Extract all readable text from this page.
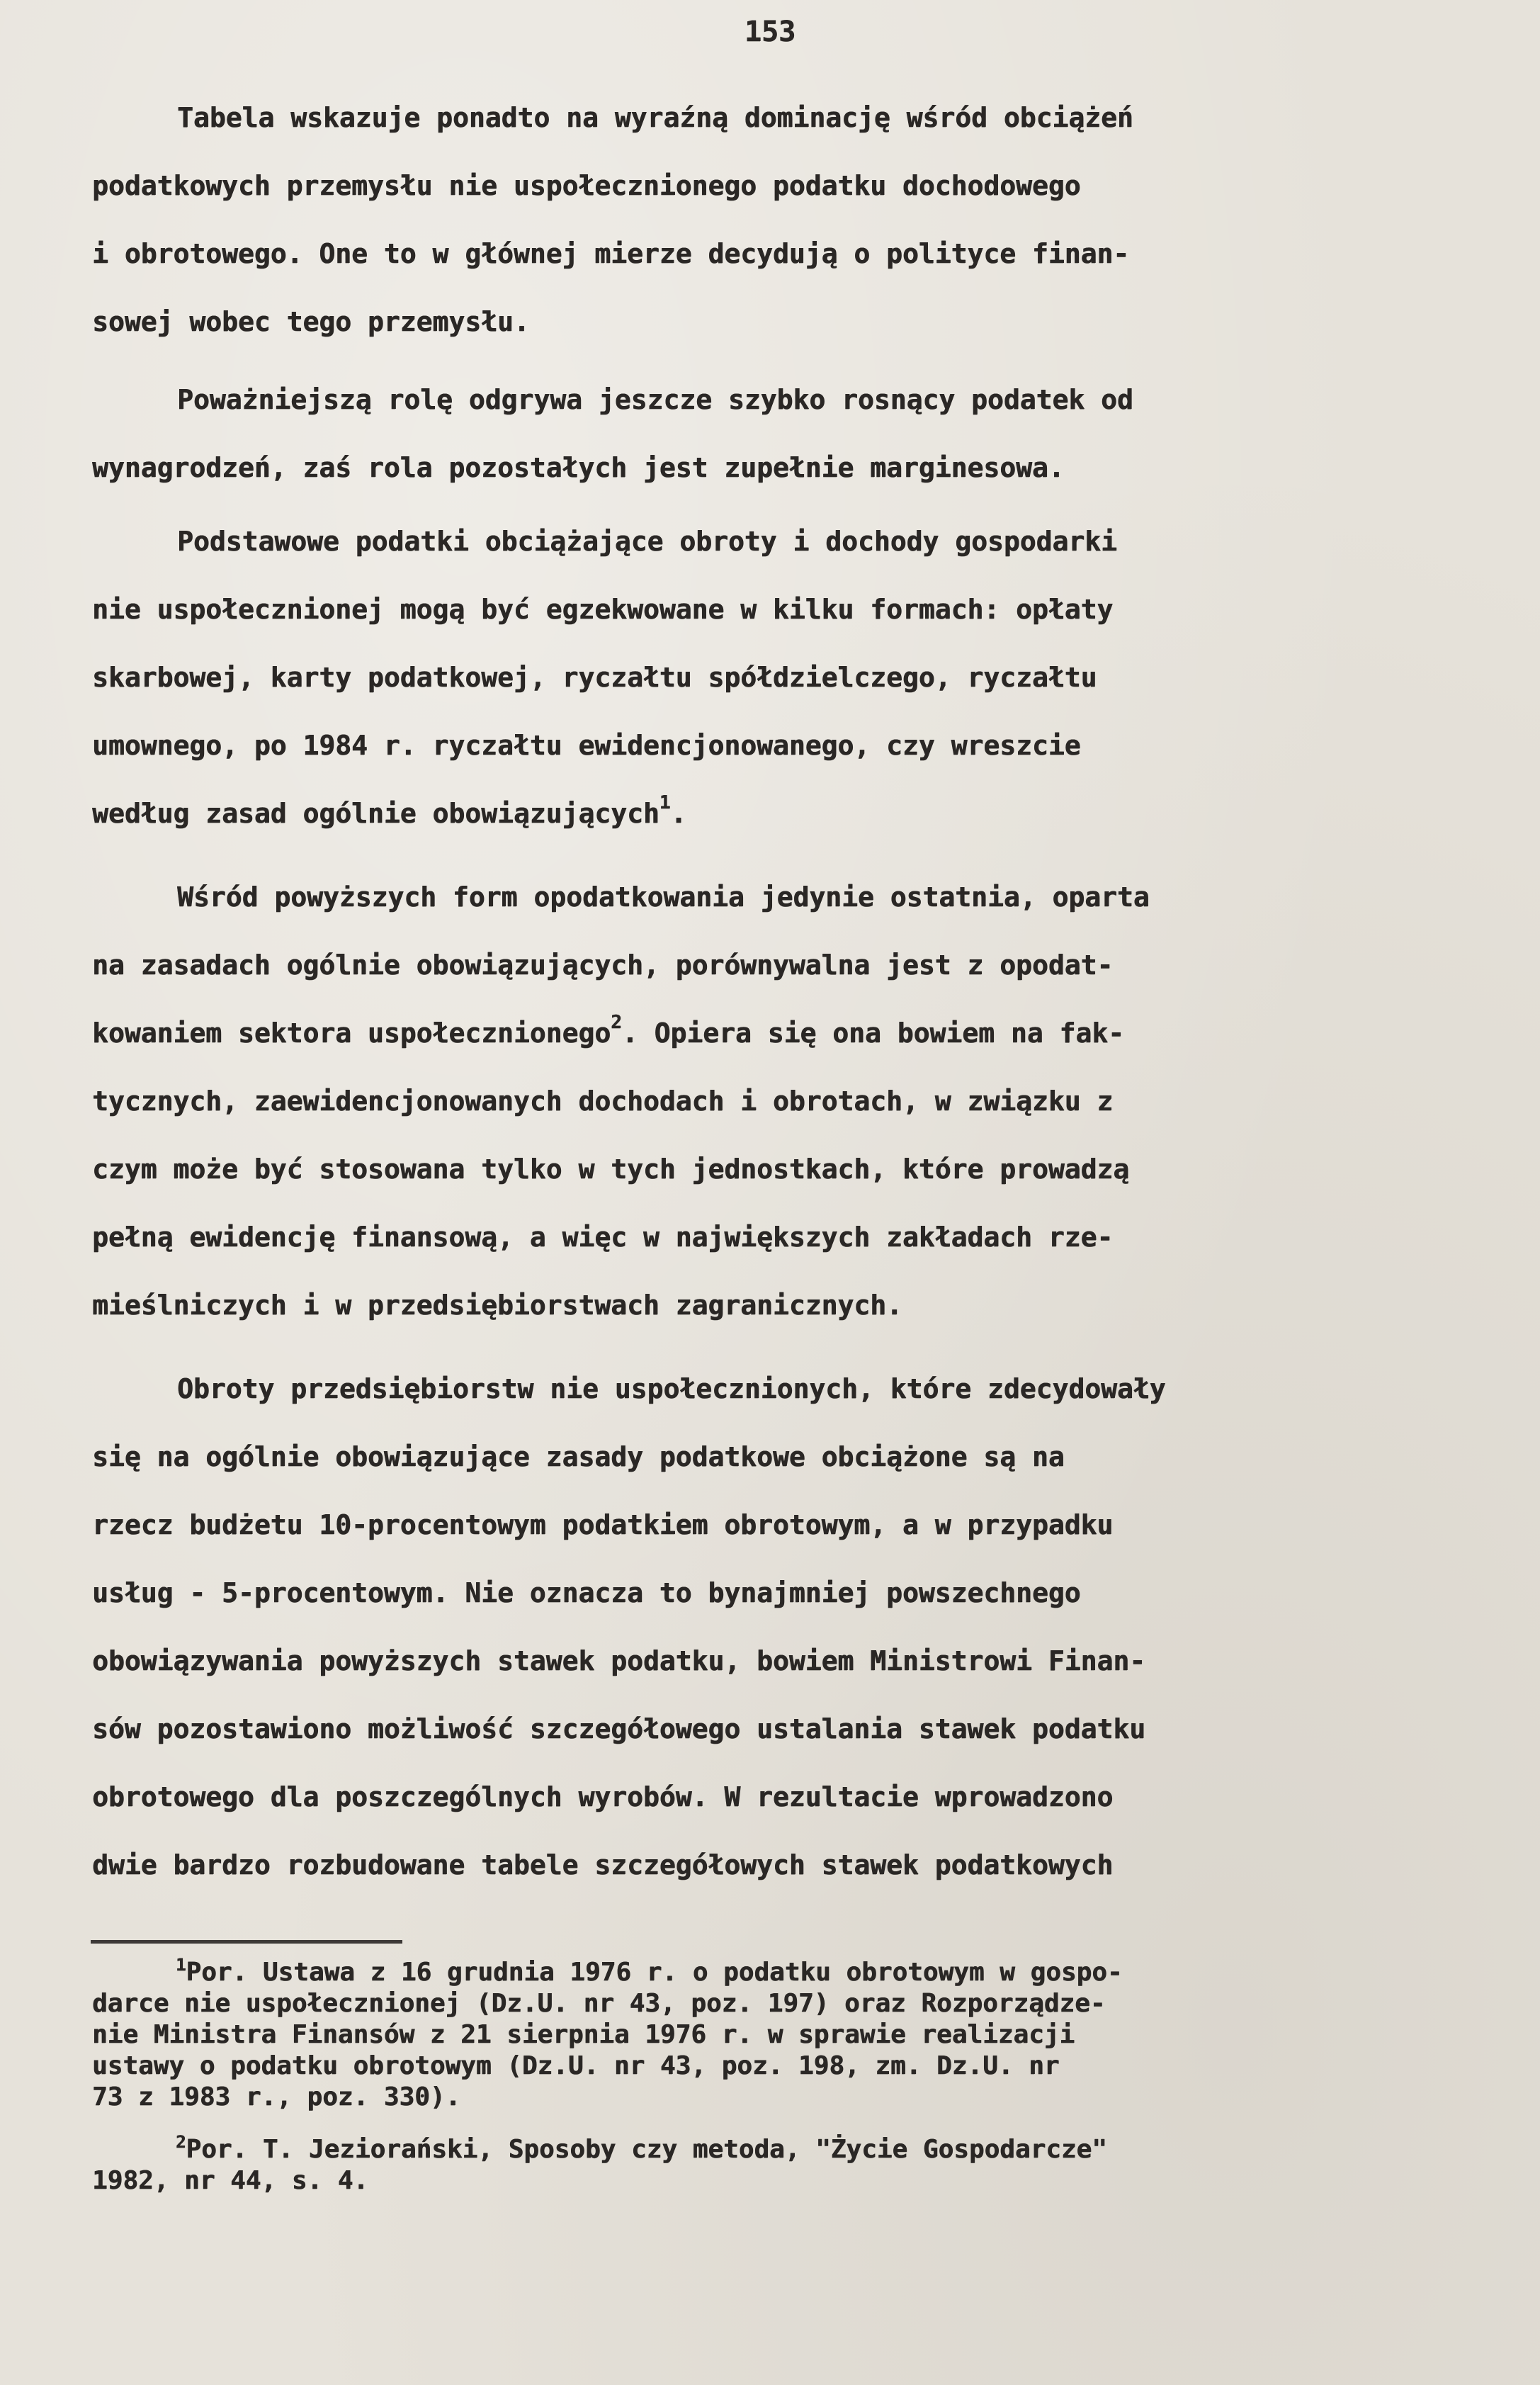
153
Tabela wskazuje ponadto na wyraźną dominację wśród obciążeń
podatkowych przemysłu nie uspołecznionego podatku dochodowego
i obrotowego. One to w głównej mierze decydują o polityce finan-
sowej wobec tego przemysłu.
Poważniejszą rolę odgrywa jeszcze szybko rosnący podatek od
wynagrodzeń, zaś rola pozostałych jest zupełnie marginesowa.
Podstawowe podatki obciążające obroty i dochody gospodarki
nie uspołecznionej mogą być egzekwowane w kilku formach: opłaty
skarbowej, karty podatkowej, ryczałtu spółdzielczego, ryczałtu
umownego, po 1984 r. ryczałtu ewidencjonowanego, czy wreszcie
według zasad ogólnie obowiązujących$^1$.
Wśród powyższych form opodatkowania jedynie ostatnia, oparta
na zasadach ogólnie obowiązujących, porównywalna jest z opodat-
kowaniem sektora uspołecznionego$^2$. Opiera się ona bowiem na fak-
tycznych, zaewidencjonowanych dochodach i obrotach, w związku z
czym może być stosowana tylko w tych jednostkach, które prowadzą
pełną ewidencję finansową, a więc w największych zakładach rze-
mieślniczych i w przedsiębiorstwach zagranicznych.
Obroty przedsiębiorstw nie uspołecznionych, które zdecydowały
się na ogólnie obowiązujące zasady podatkowe obciążone są na
rzecz budżetu 10-procentowym podatkiem obrotowym, a w przypadku
usług - 5-procentowym. Nie oznacza to bynajmniej powszechnego
obowiązywania powyższych stawek podatku, bowiem Ministrowi Finan-
sów pozostawiono możliwość szczegółowego ustalania stawek podatku
obrotowego dla poszczególnych wyrobów. W rezultacie wprowadzono
dwie bardzo rozbudowane tabele szczegółowych stawek podatkowych
$^1$Por. Ustawa z 16 grudnia 1976 r. o podatku obrotowym w gospo-
darce nie uspołecznionej (Dz.U. nr 43, poz. 197) oraz Rozporządze-
nie Ministra Finansów z 21 sierpnia 1976 r. w sprawie realizacji
ustawy o podatku obrotowym (Dz.U. nr 43, poz. 198, zm. Dz.U. nr
73 z 1983 r., poz. 330).
$^2$Por. T. Jeziorański, Sposoby czy metoda, "Życie Gospodarcze"
1982, nr 44, s. 4.
